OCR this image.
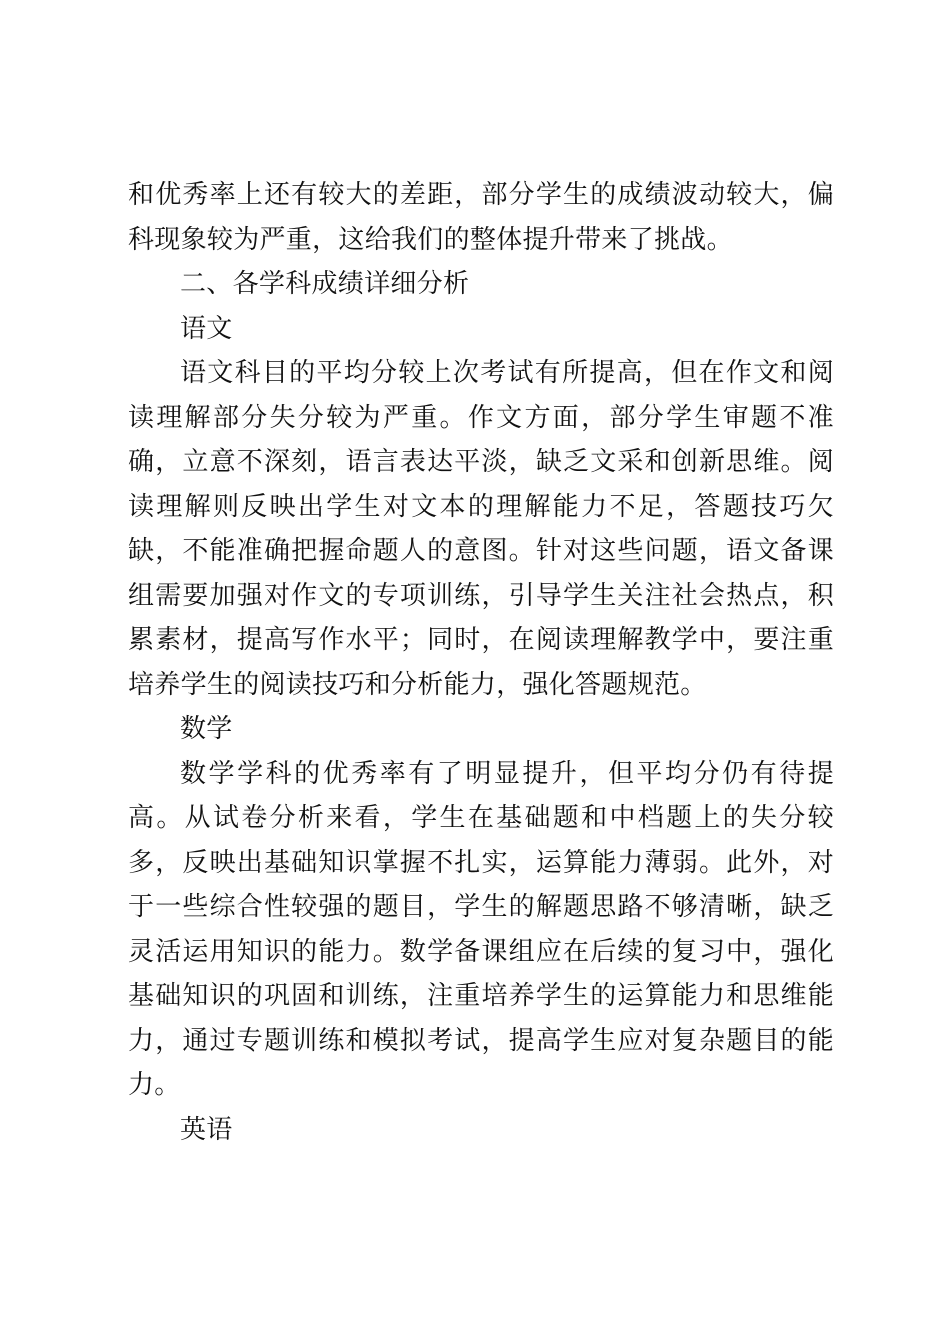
和优秀率上还有较大的差距，部分学生的成绩波动较大，偏科现象较为严重，这给我们的整体提升带来了挑战。

二、各学科成绩详细分析

语文

语文科目的平均分较上次考试有所提高，但在作文和阅读理解部分失分较为严重。作文方面，部分学生审题不准确，立意不深刻，语言表达平淡，缺乏文采和创新思维。阅读理解则反映出学生对文本的理解能力不足，答题技巧欠缺，不能准确把握命题人的意图。针对这些问题，语文备课组需要加强对作文的专项训练，引导学生关注社会热点，积累素材，提高写作水平；同时，在阅读理解教学中，要注重培养学生的阅读技巧和分析能力，强化答题规范。

数学

数学学科的优秀率有了明显提升，但平均分仍有待提高。从试卷分析来看，学生在基础题和中档题上的失分较多，反映出基础知识掌握不扎实，运算能力薄弱。此外，对于一些综合性较强的题目，学生的解题思路不够清晰，缺乏灵活运用知识的能力。数学备课组应在后续的复习中，强化基础知识的巩固和训练，注重培养学生的运算能力和思维能力，通过专题训练和模拟考试，提高学生应对复杂题目的能力。

英语
